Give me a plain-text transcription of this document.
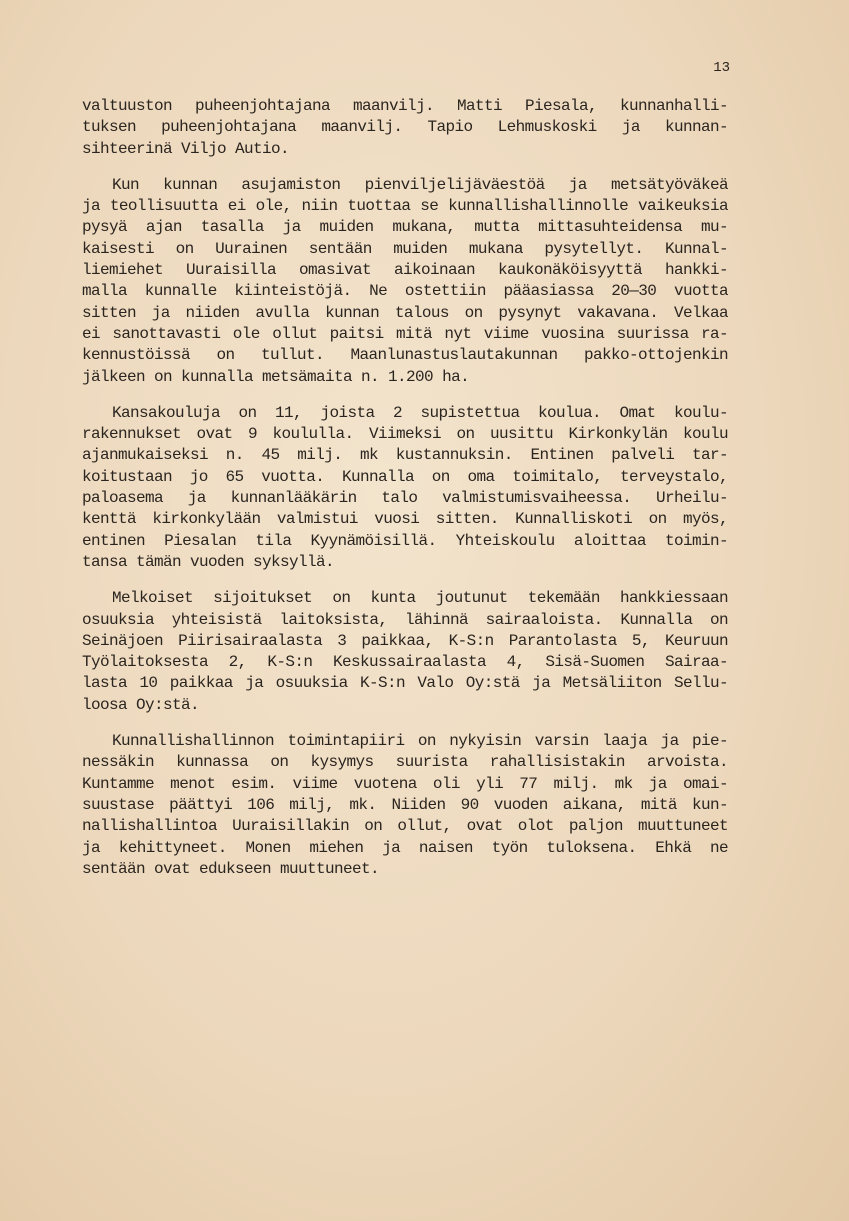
13
valtuuston puheenjohtajana maanvilj. Matti Piesala, kunnanhalli-
tuksen puheenjohtajana maanvilj. Tapio Lehmuskoski ja kunnan-
sihteerinä Viljo Autio.
Kun kunnan asujamiston pienviljelijäväestöä ja metsätyöväkeä
ja teollisuutta ei ole, niin tuottaa se kunnallishallinnolle vaikeuksia
pysyä ajan tasalla ja muiden mukana, mutta mittasuhteidensa mu-
kaisesti on Uurainen sentään muiden mukana pysytellyt. Kunnal-
liemiehet Uuraisilla omasivat aikoinaan kaukonäköisyyttä hankki-
malla kunnalle kiinteistöjä. Ne ostettiin pääasiassa 20—30 vuotta
sitten ja niiden avulla kunnan talous on pysynyt vakavana. Velkaa
ei sanottavasti ole ollut paitsi mitä nyt viime vuosina suurissa ra-
kennustöissä on tullut. Maanlunastuslautakunnan pakko-ottojenkin
jälkeen on kunnalla metsämaita n. 1.200 ha.
Kansakouluja on 11, joista 2 supistettua koulua. Omat koulu-
rakennukset ovat 9 koululla. Viimeksi on uusittu Kirkonkylän koulu
ajanmukaiseksi n. 45 milj. mk kustannuksin. Entinen palveli tar-
koitustaan jo 65 vuotta. Kunnalla on oma toimitalo, terveystalo,
paloasema ja kunnanlääkärin talo valmistumisvaiheessa. Urheilu-
kenttä kirkonkylään valmistui vuosi sitten. Kunnalliskoti on myös,
entinen Piesalan tila Kyynämöisillä. Yhteiskoulu aloittaa toimin-
tansa tämän vuoden syksyllä.
Melkoiset sijoitukset on kunta joutunut tekemään hankkiessaan
osuuksia yhteisistä laitoksista, lähinnä sairaaloista. Kunnalla on
Seinäjoen Piirisairaalasta 3 paikkaa, K-S:n Parantolasta 5, Keuruun
Työlaitoksesta 2, K-S:n Keskussairaalasta 4, Sisä-Suomen Sairaa-
lasta 10 paikkaa ja osuuksia K-S:n Valo Oy:stä ja Metsäliiton Sellu-
loosa Oy:stä.
Kunnallishallinnon toimintapiiri on nykyisin varsin laaja ja pie-
nessäkin kunnassa on kysymys suurista rahallisistakin arvoista.
Kuntamme menot esim. viime vuotena oli yli 77 milj. mk ja omai-
suustase päättyi 106 milj, mk. Niiden 90 vuoden aikana, mitä kun-
nallishallintoa Uuraisillakin on ollut, ovat olot paljon muuttuneet
ja kehittyneet. Monen miehen ja naisen työn tuloksena. Ehkä ne
sentään ovat edukseen muuttuneet.
